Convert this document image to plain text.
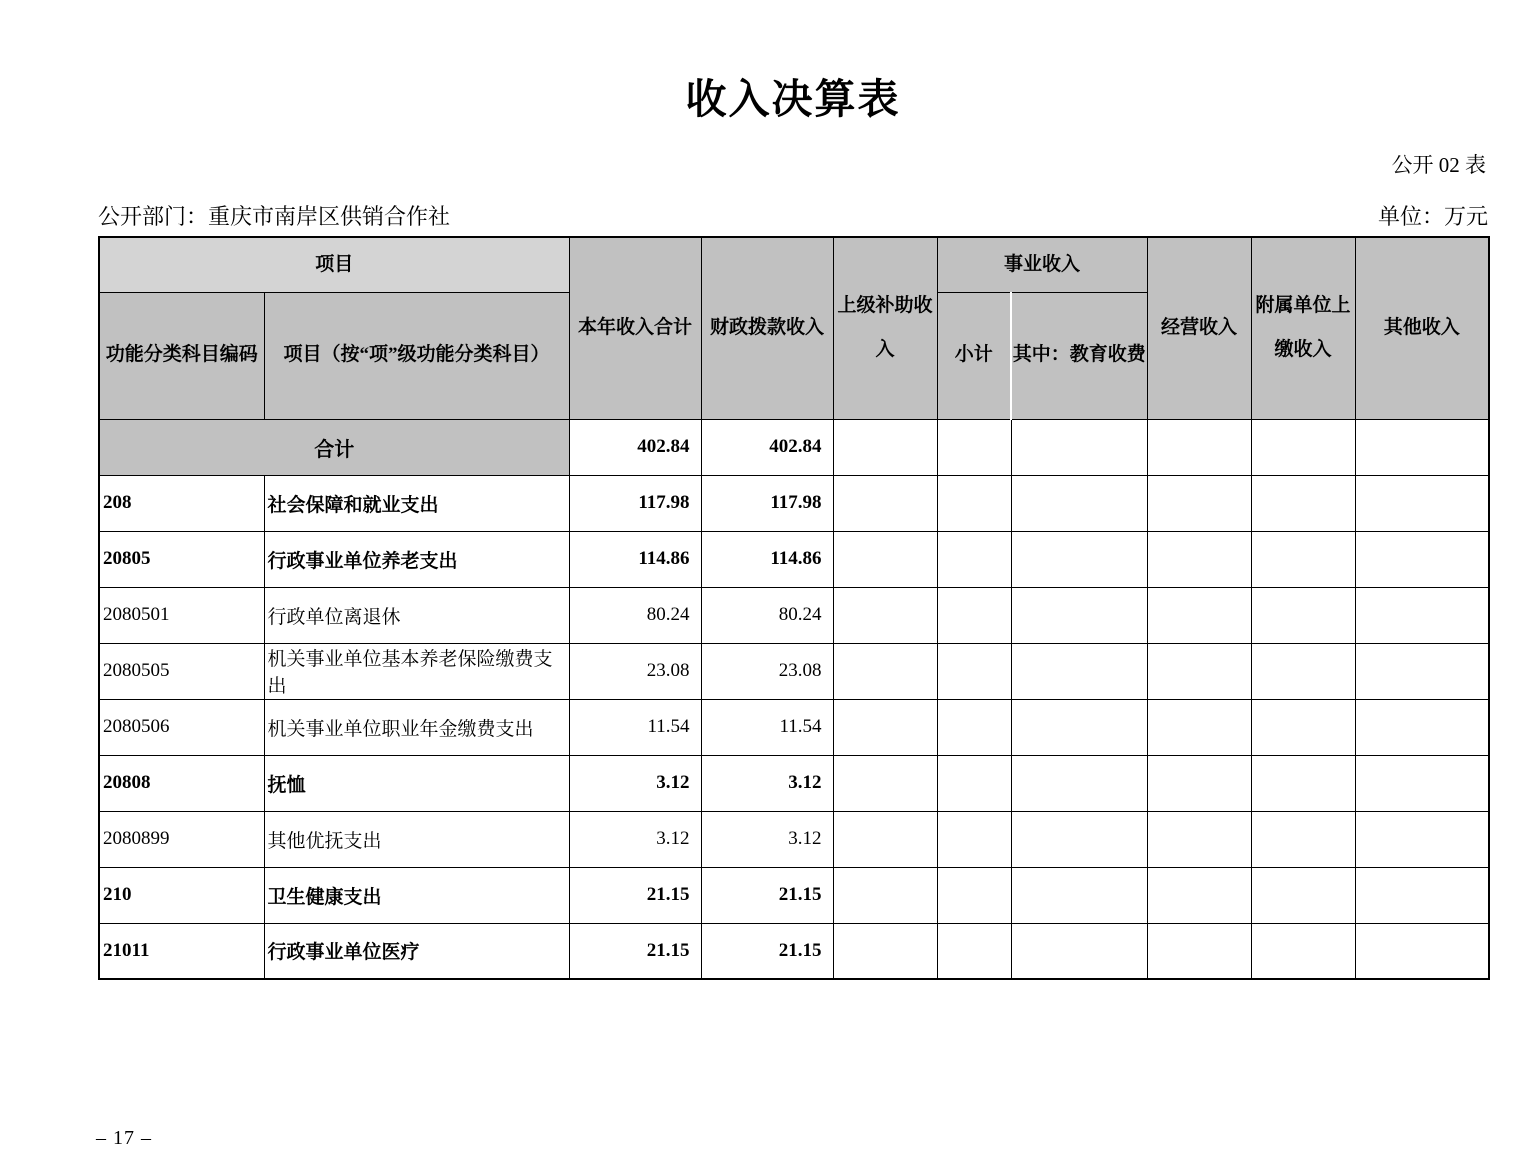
收入决算表
公开 02 表
公开部门：重庆市南岸区供销合作社	单位：万元
项目		本年收入合计	财政拨款收入	上级补助收入	事业收入		经营收入	附属单位上缴收入	其他收入
功能分类科目编码	项目（按“项”级功能分类科目）				小计	其中：教育收费			
合计		402.84	402.84						
208	社会保障和就业支出	117.98	117.98						
20805	行政事业单位养老支出	114.86	114.86						
2080501	行政单位离退休	80.24	80.24						
2080505	机关事业单位基本养老保险缴费支出	23.08	23.08						
2080506	机关事业单位职业年金缴费支出	11.54	11.54						
20808	抚恤	3.12	3.12						
2080899	其他优抚支出	3.12	3.12						
210	卫生健康支出	21.15	21.15						
21011	行政事业单位医疗	21.15	21.15						
– 17 –
